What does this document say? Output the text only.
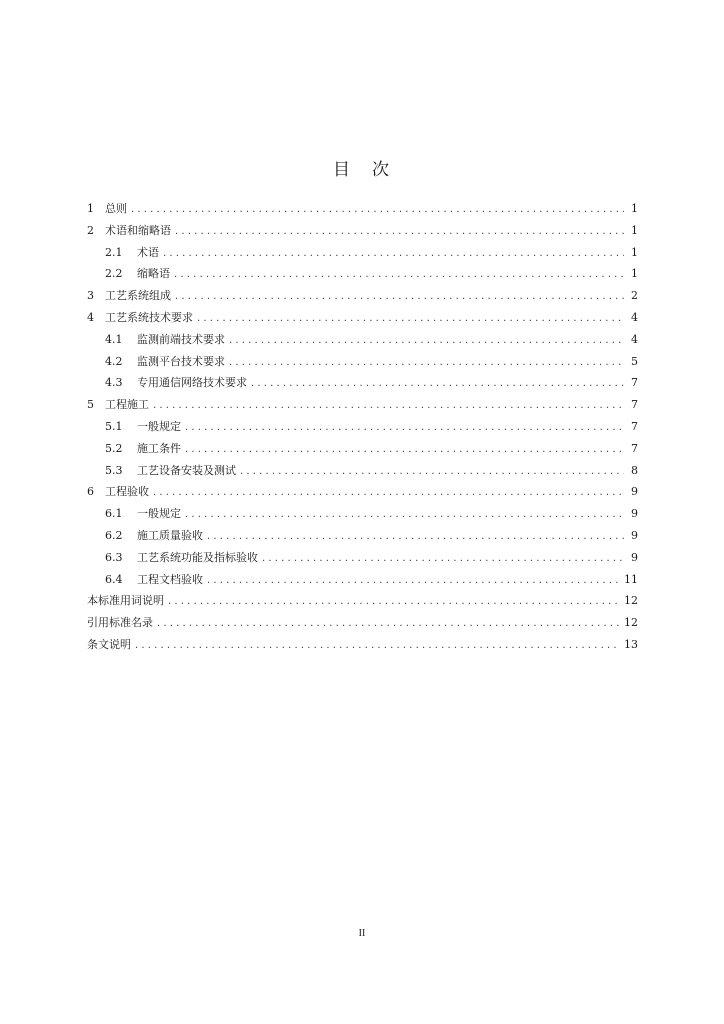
目 次
1	总则 .....	1
2	术语和缩略语 .....	1
2.1	术语 .....	1
2.2	缩略语 .....	1
3	工艺系统组成 .....	2
4	工艺系统技术要求 .....	4
4.1	监测前端技术要求 .....	4
4.2	监测平台技术要求 .....	5
4.3	专用通信网络技术要求 .....	7
5	工程施工 .....	7
5.1	一般规定 .....	7
5.2	施工条件 .....	7
5.3	工艺设备安装及测试 .....	8
6	工程验收 .....	9
6.1	一般规定 .....	9
6.2	施工质量验收 .....	9
6.3	工艺系统功能及指标验收 .....	9
6.4	工程文档验收 .....	11
本标准用词说明 .....	12
引用标准名录 .....	12
条文说明 .....	13
II
